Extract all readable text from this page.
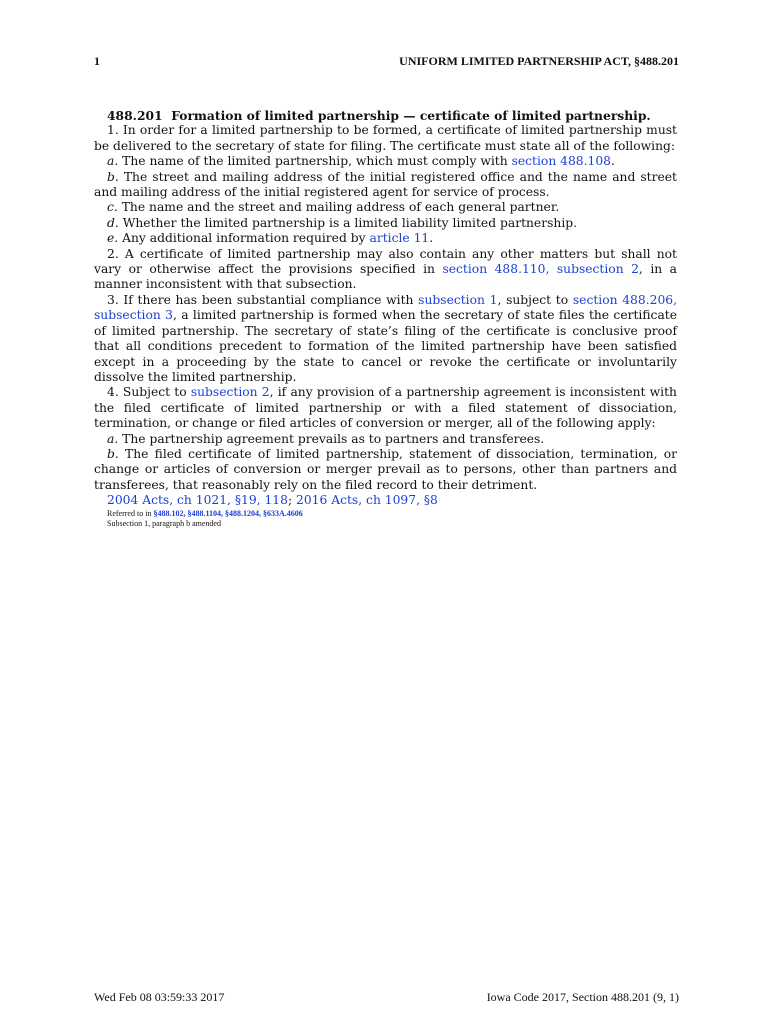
1	UNIFORM LIMITED PARTNERSHIP ACT, §488.201

488.201 Formation of limited partnership — certificate of limited partnership.

1. In order for a limited partnership to be formed, a certificate of limited partnership must be delivered to the secretary of state for filing. The certificate must state all of the following:

a. The name of the limited partnership, which must comply with section 488.108.

b. The street and mailing address of the initial registered office and the name and street and mailing address of the initial registered agent for service of process.

c. The name and the street and mailing address of each general partner.

d. Whether the limited partnership is a limited liability limited partnership.

e. Any additional information required by article 11.

2. A certificate of limited partnership may also contain any other matters but shall not vary or otherwise affect the provisions specified in section 488.110, subsection 2, in a manner inconsistent with that subsection.

3. If there has been substantial compliance with subsection 1, subject to section 488.206, subsection 3, a limited partnership is formed when the secretary of state files the certificate of limited partnership. The secretary of state’s filing of the certificate is conclusive proof that all conditions precedent to formation of the limited partnership have been satisfied except in a proceeding by the state to cancel or revoke the certificate or involuntarily dissolve the limited partnership.

4. Subject to subsection 2, if any provision of a partnership agreement is inconsistent with the filed certificate of limited partnership or with a filed statement of dissociation, termination, or change or filed articles of conversion or merger, all of the following apply:

a. The partnership agreement prevails as to partners and transferees.

b. The filed certificate of limited partnership, statement of dissociation, termination, or change or articles of conversion or merger prevail as to persons, other than partners and transferees, that reasonably rely on the filed record to their detriment.

2004 Acts, ch 1021, §19, 118; 2016 Acts, ch 1097, §8

Referred to in §488.102, §488.1104, §488.1204, §633A.4606

Subsection 1, paragraph b amended

Wed Feb 08 03:59:33 2017	Iowa Code 2017, Section 488.201 (9, 1)
